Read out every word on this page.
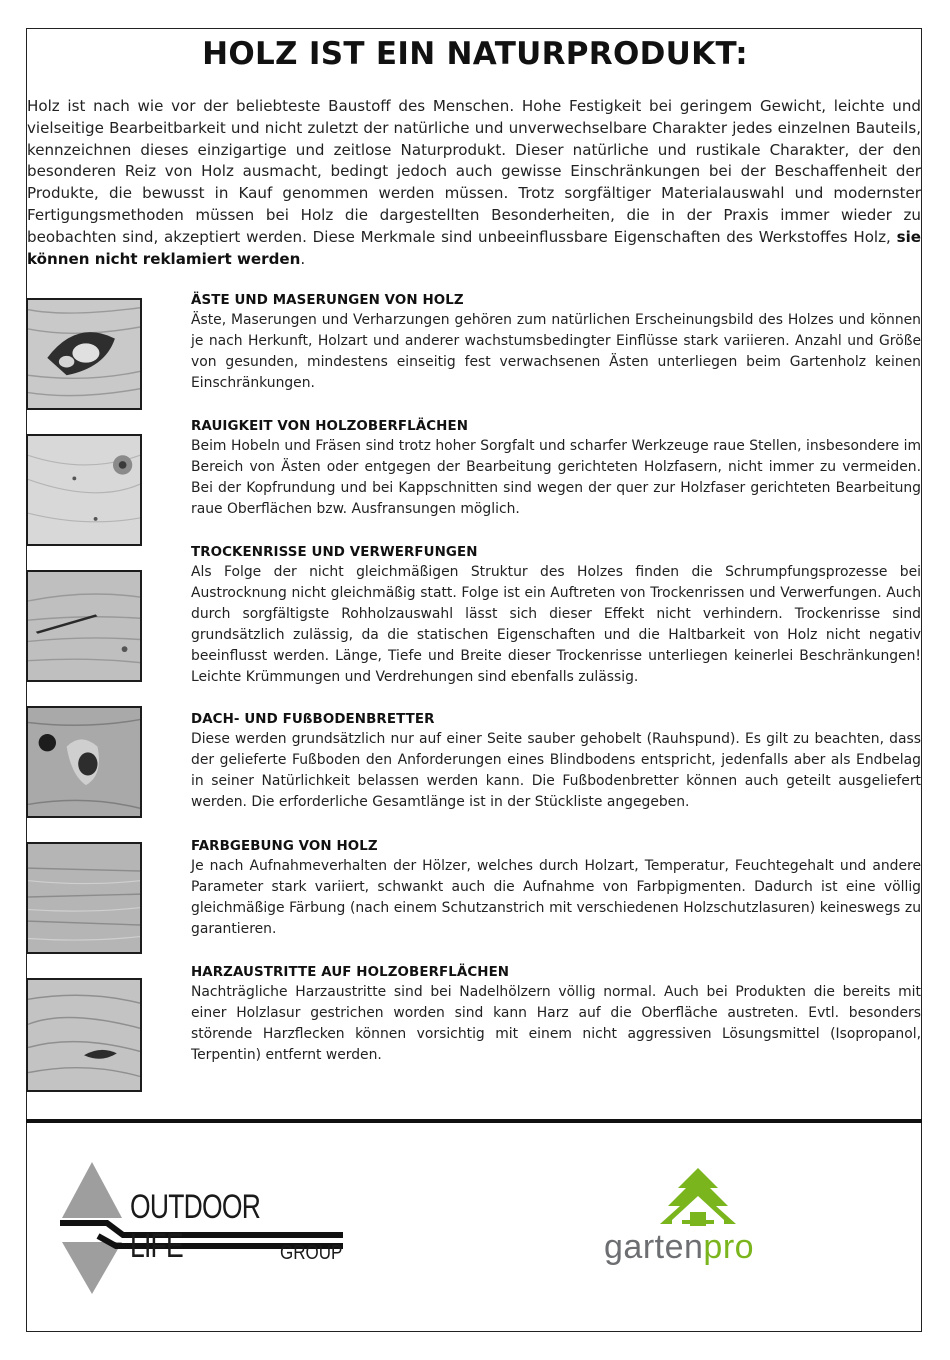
HOLZ IST EIN NATURPRODUKT:
Holz ist nach wie vor der beliebteste Baustoff des Menschen. Hohe Festigkeit bei geringem Gewicht, leichte und vielseitige Bearbeitbarkeit und nicht zuletzt der natürliche und unverwechselbare Charakter jedes einzelnen Bauteils, kennzeichnen dieses einzigartige und zeitlose Naturprodukt. Dieser natürliche und rustikale Charakter, der den besonderen Reiz von Holz ausmacht, bedingt jedoch auch gewisse Einschränkungen bei der Beschaffenheit der Produkte, die bewusst in Kauf genommen werden müssen. Trotz sorgfältiger Materialauswahl und modernster Fertigungsmethoden müssen bei Holz die dargestellten Besonderheiten, die in der Praxis immer wieder zu beobachten sind, akzeptiert werden. Diese Merkmale sind unbeeinflussbare Eigenschaften des Werkstoffes Holz, sie können nicht reklamiert werden.
ÄSTE UND MASERUNGEN VON HOLZ

Äste, Maserungen und Verharzungen gehören zum natürlichen Erscheinungsbild des Holzes und können je nach Herkunft, Holzart und anderer wachstumsbedingter Einflüsse stark variieren. Anzahl und Größe von gesunden, mindestens einseitig fest verwachsenen Ästen unterliegen beim Gartenholz keinen Einschränkungen.

RAUIGKEIT VON HOLZOBERFLÄCHEN

Beim Hobeln und Fräsen sind trotz hoher Sorgfalt und scharfer Werkzeuge raue Stellen, insbesondere im Bereich von Ästen oder entgegen der Bearbeitung gerichteten Holzfasern, nicht immer zu vermeiden. Bei der Kopfrundung und bei Kappschnitten sind wegen der quer zur Holzfaser gerichteten Bearbeitung raue Oberflächen bzw. Ausfransungen möglich.

TROCKENRISSE UND VERWERFUNGEN

Als Folge der nicht gleichmäßigen Struktur des Holzes finden die Schrumpfungsprozesse bei Austrocknung nicht gleichmäßig statt. Folge ist ein Auftreten von Trockenrissen und Verwerfungen. Auch durch sorgfältigste Rohholzauswahl lässt sich dieser Effekt nicht verhindern. Trockenrisse sind grundsätzlich zulässig, da die statischen Eigenschaften und die Haltbarkeit von Holz nicht negativ beeinflusst werden. Länge, Tiefe und Breite dieser Trockenrisse unterliegen keinerlei Beschränkungen! Leichte Krümmungen und Verdrehungen sind ebenfalls zulässig.

DACH- UND FUßBODENBRETTER

Diese werden grundsätzlich nur auf einer Seite sauber gehobelt (Rauhspund). Es gilt zu beachten, dass der gelieferte Fußboden den Anforderungen eines Blindbodens entspricht, jedenfalls aber als Endbelag in seiner Natürlichkeit belassen werden kann. Die Fußbodenbretter können auch geteilt ausgeliefert werden. Die erforderliche Gesamtlänge ist in der Stückliste angegeben.

FARBGEBUNG VON HOLZ

Je nach Aufnahmeverhalten der Hölzer, welches durch Holzart, Temperatur, Feuchtegehalt und andere Parameter stark variiert, schwankt auch die Aufnahme von Farbpigmenten. Dadurch ist eine völlig gleichmäßige Färbung (nach einem Schutzanstrich mit verschiedenen Holzschutzlasuren) keineswegs zu garantieren.

HARZAUSTRITTE AUF HOLZOBERFLÄCHEN

Nachträgliche Harzaustritte sind bei Nadelhölzern völlig normal. Auch bei Produkten die bereits mit einer Holzlasur gestrichen worden sind kann Harz auf die Oberfläche austreten. Evtl. besonders störende Harzflecken können vorsichtig mit einem nicht aggressiven Lösungsmittel (Isopropanol, Terpentin) entfernt werden.

OUTDOOR LIFE	GROUP	gartenpro
